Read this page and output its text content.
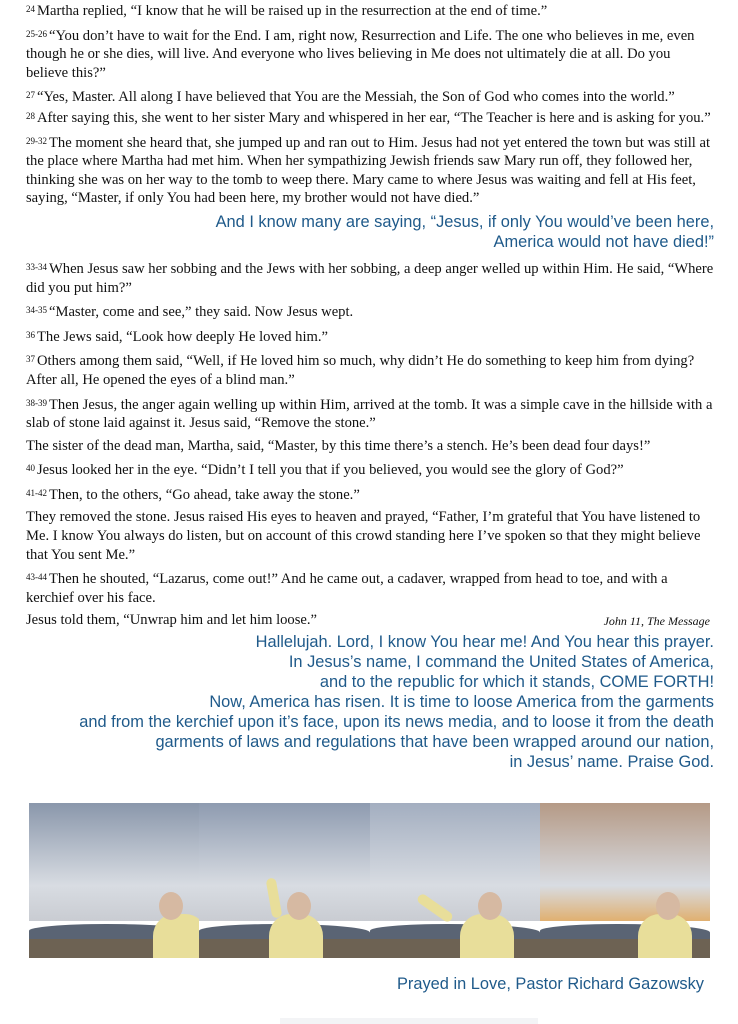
$^{24}$ Martha replied, “I know that he will be raised up in the resurrection at the end of time.”

$^{25-26}$ “You don’t have to wait for the End. I am, right now, Resurrection and Life. The one who believes in me, even though he or she dies, will live. And everyone who lives believing in Me does not ultimately die at all. Do you believe this?”

$^{27}$ “Yes, Master. All along I have believed that You are the Messiah, the Son of God who comes into the world.” $^{28}$ After saying this, she went to her sister Mary and whispered in her ear, “The Teacher is here and is asking for you.”

$^{29-32}$ The moment she heard that, she jumped up and ran out to Him. Jesus had not yet entered the town but was still at the place where Martha had met him. When her sympathizing Jewish friends saw Mary run off, they followed her, thinking she was on her way to the tomb to weep there. Mary came to where Jesus was waiting and fell at His feet, saying, “Master, if only You had been here, my brother would not have died.”

And I know many are saying, “Jesus, if only You would’ve been here,
America would not have died!”

$^{33-34}$ When Jesus saw her sobbing and the Jews with her sobbing, a deep anger welled up within Him. He said, “Where did you put him?”

$^{34-35}$ “Master, come and see,” they said. Now Jesus wept.

$^{36}$ The Jews said, “Look how deeply He loved him.”

$^{37}$ Others among them said, “Well, if He loved him so much, why didn’t He do something to keep him from dying? After all, He opened the eyes of a blind man.”

$^{38-39}$ Then Jesus, the anger again welling up within Him, arrived at the tomb. It was a simple cave in the hillside with a slab of stone laid against it. Jesus said, “Remove the stone.”

The sister of the dead man, Martha, said, “Master, by this time there’s a stench. He’s been dead four days!”

$^{40}$ Jesus looked her in the eye. “Didn’t I tell you that if you believed, you would see the glory of God?”

$^{41-42}$ Then, to the others, “Go ahead, take away the stone.”

They removed the stone. Jesus raised His eyes to heaven and prayed, “Father, I’m grateful that You have listened to Me. I know You always do listen, but on account of this crowd standing here I’ve spoken so that they might believe that You sent Me.”

$^{43-44}$ Then he shouted, “Lazarus, come out!” And he came out, a cadaver, wrapped from head to toe, and with a kerchief over his face.

Jesus told them, “Unwrap him and let him loose.”	John 11, The Message
Hallelujah. Lord, I know You hear me! And You hear this prayer.
In Jesus’s name, I command the United States of America,
and to the republic for which it stands, COME FORTH!
Now, America has risen. It is time to loose America from the garments
and from the kerchief upon it’s face, upon its news media, and to loose it from the death
garments of laws and regulations that have been wrapped around our nation,
in Jesus’ name. Praise God.
Prayed in Love, Pastor Richard Gazowsky
